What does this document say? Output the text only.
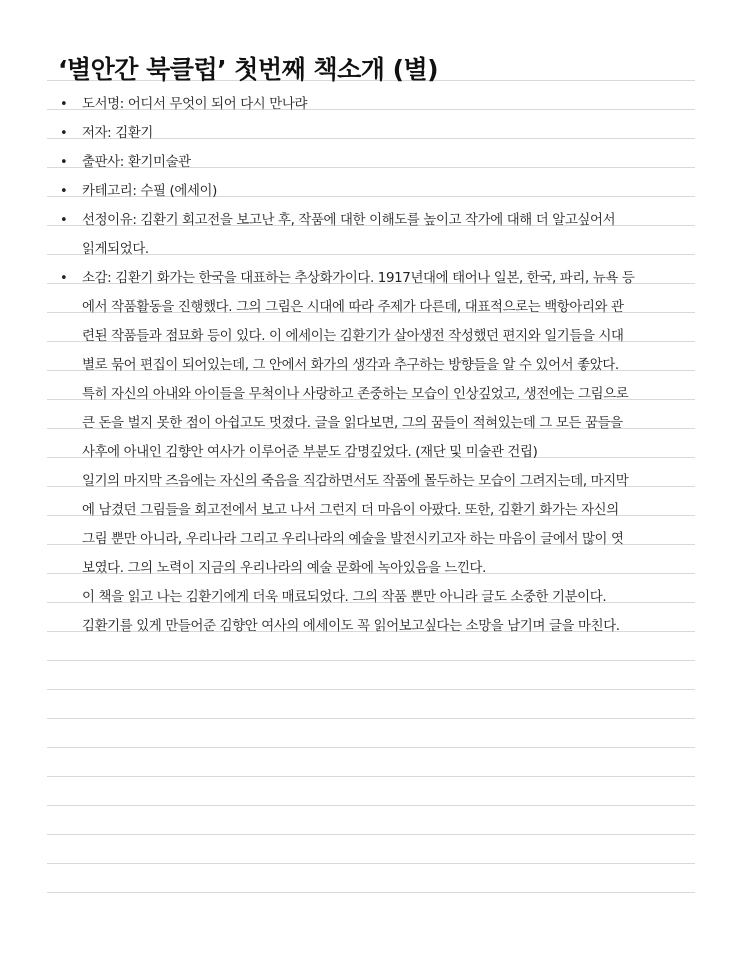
‘별안간 북클럽’ 첫번째 책소개 (별)
• 도서명: 어디서 무엇이 되어 다시 만나랴
• 저자: 김환기
• 출판사: 환기미술관
• 카테고리: 수필 (에세이)
• 선정이유: 김환기 회고전을 보고난 후, 작품에 대한 이해도를 높이고 작가에 대해 더 알고싶어서
읽게되었다.
• 소감: 김환기 화가는 한국을 대표하는 추상화가이다. 1917년대에 태어나 일본, 한국, 파리, 뉴욕 등
에서 작품활동을 진행했다. 그의 그림은 시대에 따라 주제가 다른데, 대표적으로는 백항아리와 관
련된 작품들과 점묘화 등이 있다. 이 에세이는 김환기가 살아생전 작성했던 편지와 일기들을 시대
별로 묶어 편집이 되어있는데, 그 안에서 화가의 생각과 추구하는 방향들을 알 수 있어서 좋았다.
특히 자신의 아내와 아이들을 무척이나 사랑하고 존중하는 모습이 인상깊었고, 생전에는 그림으로
큰 돈을 벌지 못한 점이 아쉽고도 멋졌다. 글을 읽다보면, 그의 꿈들이 적혀있는데 그 모든 꿈들을
사후에 아내인 김향안 여사가 이루어준 부분도 감명깊었다. (재단 및 미술관 건립)
일기의 마지막 즈음에는 자신의 죽음을 직감하면서도 작품에 몰두하는 모습이 그려지는데, 마지막
에 남겼던 그림들을 회고전에서 보고 나서 그런지 더 마음이 아팠다. 또한, 김환기 화가는 자신의
그림 뿐만 아니라, 우리나라 그리고 우리나라의 예술을 발전시키고자 하는 마음이 글에서 많이 엿
보였다. 그의 노력이 지금의 우리나라의 예술 문화에 녹아있음을 느낀다.
이 책을 읽고 나는 김환기에게 더욱 매료되었다. 그의 작품 뿐만 아니라 글도 소중한 기분이다.
김환기를 있게 만들어준 김향안 여사의 에세이도 꼭 읽어보고싶다는 소망을 남기며 글을 마친다.
